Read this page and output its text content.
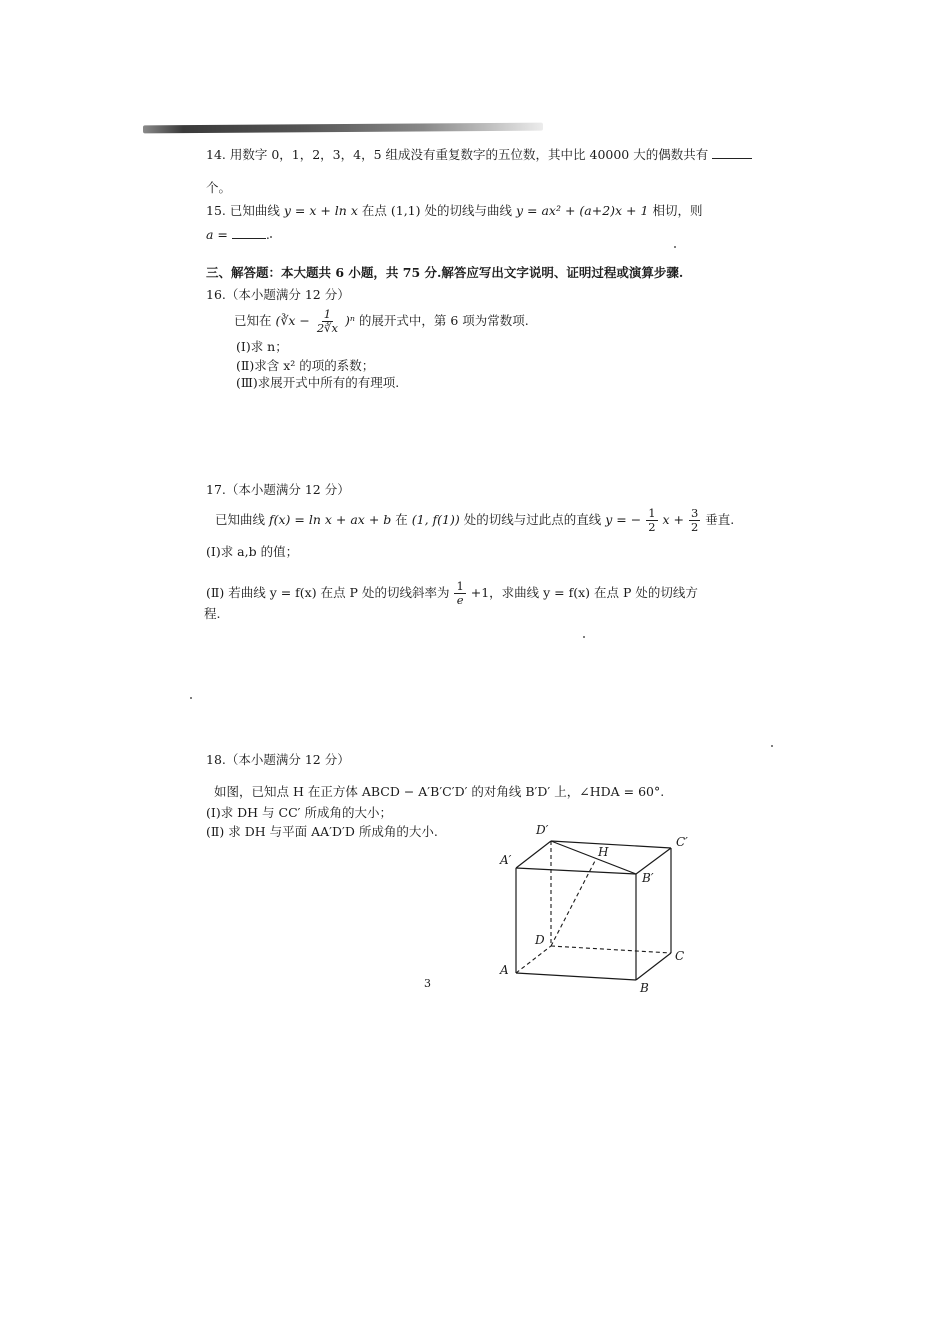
14. 用数字 0，1，2，3，4，5 组成没有重复数字的五位数，其中比 40000 大的偶数共有
个。
15. 已知曲线 y = x + ln x 在点 (1,1) 处的切线与曲线 y = ax² + (a+2)x + 1 相切，则
a =	.
三、解答题：本大题共 6 小题，共 75 分.解答应写出文字说明、证明过程或演算步骤.
16.（本小题满分 12 分）
已知在 (∛x − $\frac{1}{2∛x} )^n$ 的展开式中，第 6 项为常数项.
(Ⅰ)求 n；
(Ⅱ)求含 x² 的项的系数；
(Ⅲ)求展开式中所有的有理项.
17.（本小题满分 12 分）
已知曲线 f(x) = ln x + ax + b 在 (1, f(1)) 处的切线与过此点的直线 y = − $\frac{1}{2}$ $x + \frac{3}{2}$ 垂直.
(Ⅰ)求 a,b 的值；
(Ⅱ) 若曲线 y = f(x) 在点 P 处的切线斜率为 $\frac{1}{e} +1$，求曲线 y = f(x) 在点 P 处的切线方
程.
18.（本小题满分 12 分）
如图，已知点 H 在正方体 ABCD − A′B′C′D′ 的对角线 B′D′ 上，∠HDA = 60°.
(Ⅰ)求 DH 与 CC′ 所成角的大小；
(Ⅱ) 求 DH 与平面 AA′D′D 所成角的大小.	D′
C′
A′
B′
H
D
A
B
C
3
